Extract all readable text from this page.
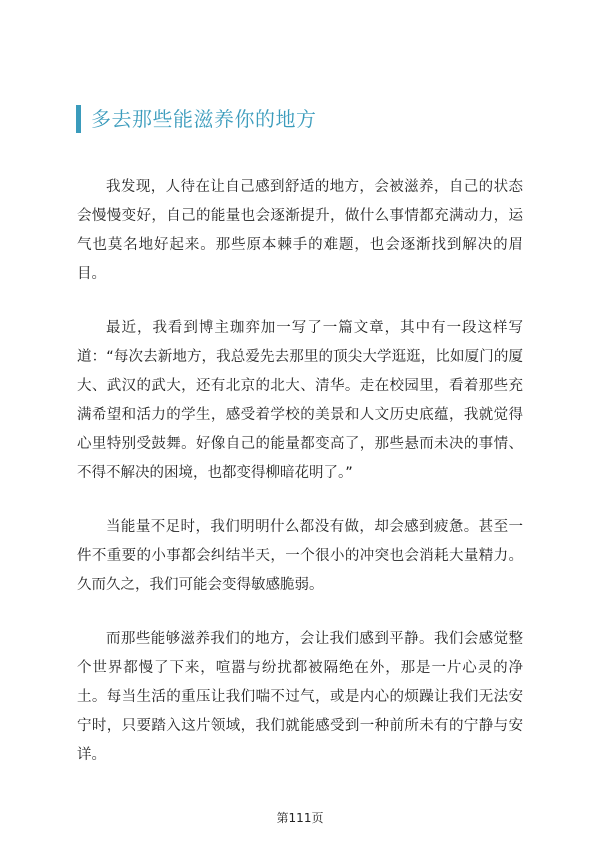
多去那些能滋养你的地方

我发现，人待在让自己感到舒适的地方，会被滋养，自己的状态会慢慢变好，自己的能量也会逐渐提升，做什么事情都充满动力，运气也莫名地好起来。那些原本棘手的难题，也会逐渐找到解决的眉目。

最近，我看到博主珈弈加一写了一篇文章，其中有一段这样写道：“每次去新地方，我总爱先去那里的顶尖大学逛逛，比如厦门的厦大、武汉的武大，还有北京的北大、清华。走在校园里，看着那些充满希望和活力的学生，感受着学校的美景和人文历史底蕴，我就觉得心里特别受鼓舞。好像自己的能量都变高了，那些悬而未决的事情、不得不解决的困境，也都变得柳暗花明了。”

当能量不足时，我们明明什么都没有做，却会感到疲惫。甚至一件不重要的小事都会纠结半天，一个很小的冲突也会消耗大量精力。久而久之，我们可能会变得敏感脆弱。

而那些能够滋养我们的地方，会让我们感到平静。我们会感觉整个世界都慢了下来，喧嚣与纷扰都被隔绝在外，那是一片心灵的净土。每当生活的重压让我们喘不过气，或是内心的烦躁让我们无法安宁时，只要踏入这片领域，我们就能感受到一种前所未有的宁静与安详。

第111页
